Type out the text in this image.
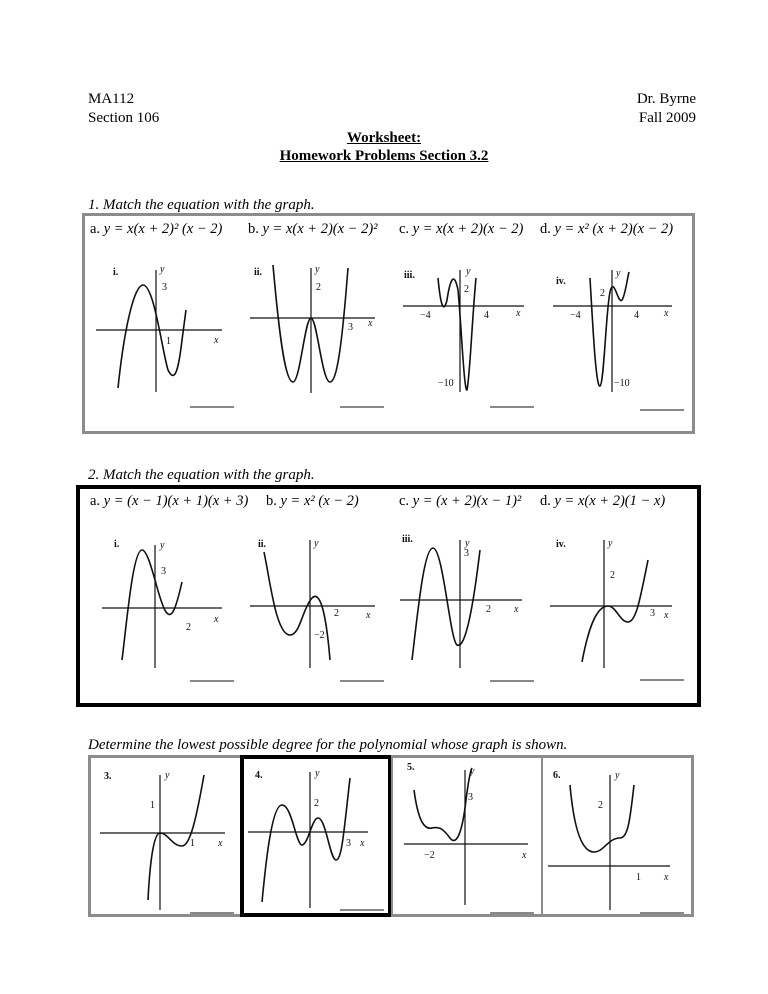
MA112
Section 106
Dr. Byrne
Fall 2009
Worksheet:
Homework Problems Section 3.2
1. Match the equation with the graph.
a. y = x(x + 2)² (x − 2) b. y = x(x + 2)(x − 2)² c. y = x(x + 2)(x − 2) d. y = x² (x + 2)(x − 2)
i.
3
1
ii.
2
3
iii.
−4
2
4
−10
iv.
−4
2
4
−10
2. Match the equation with the graph.
a. y = (x − 1)(x + 1)(x + 3) b. y = x² (x − 2)	c. y = (x + 2)(x − 1)² d. y = x(x + 2)(1 − x)
i.
3
2
ii.
2
−2
iii.
3
2
iv.
2
3
Determine the lowest possible degree for the polynomial whose graph is shown.
3.
1
1
4.
2
3
5.
3
−2
6.
2
1
y
x
y
x
y
x
y
x
y
x
y
x
y
x
y
x
y
x
y
x
y
x
y
x
